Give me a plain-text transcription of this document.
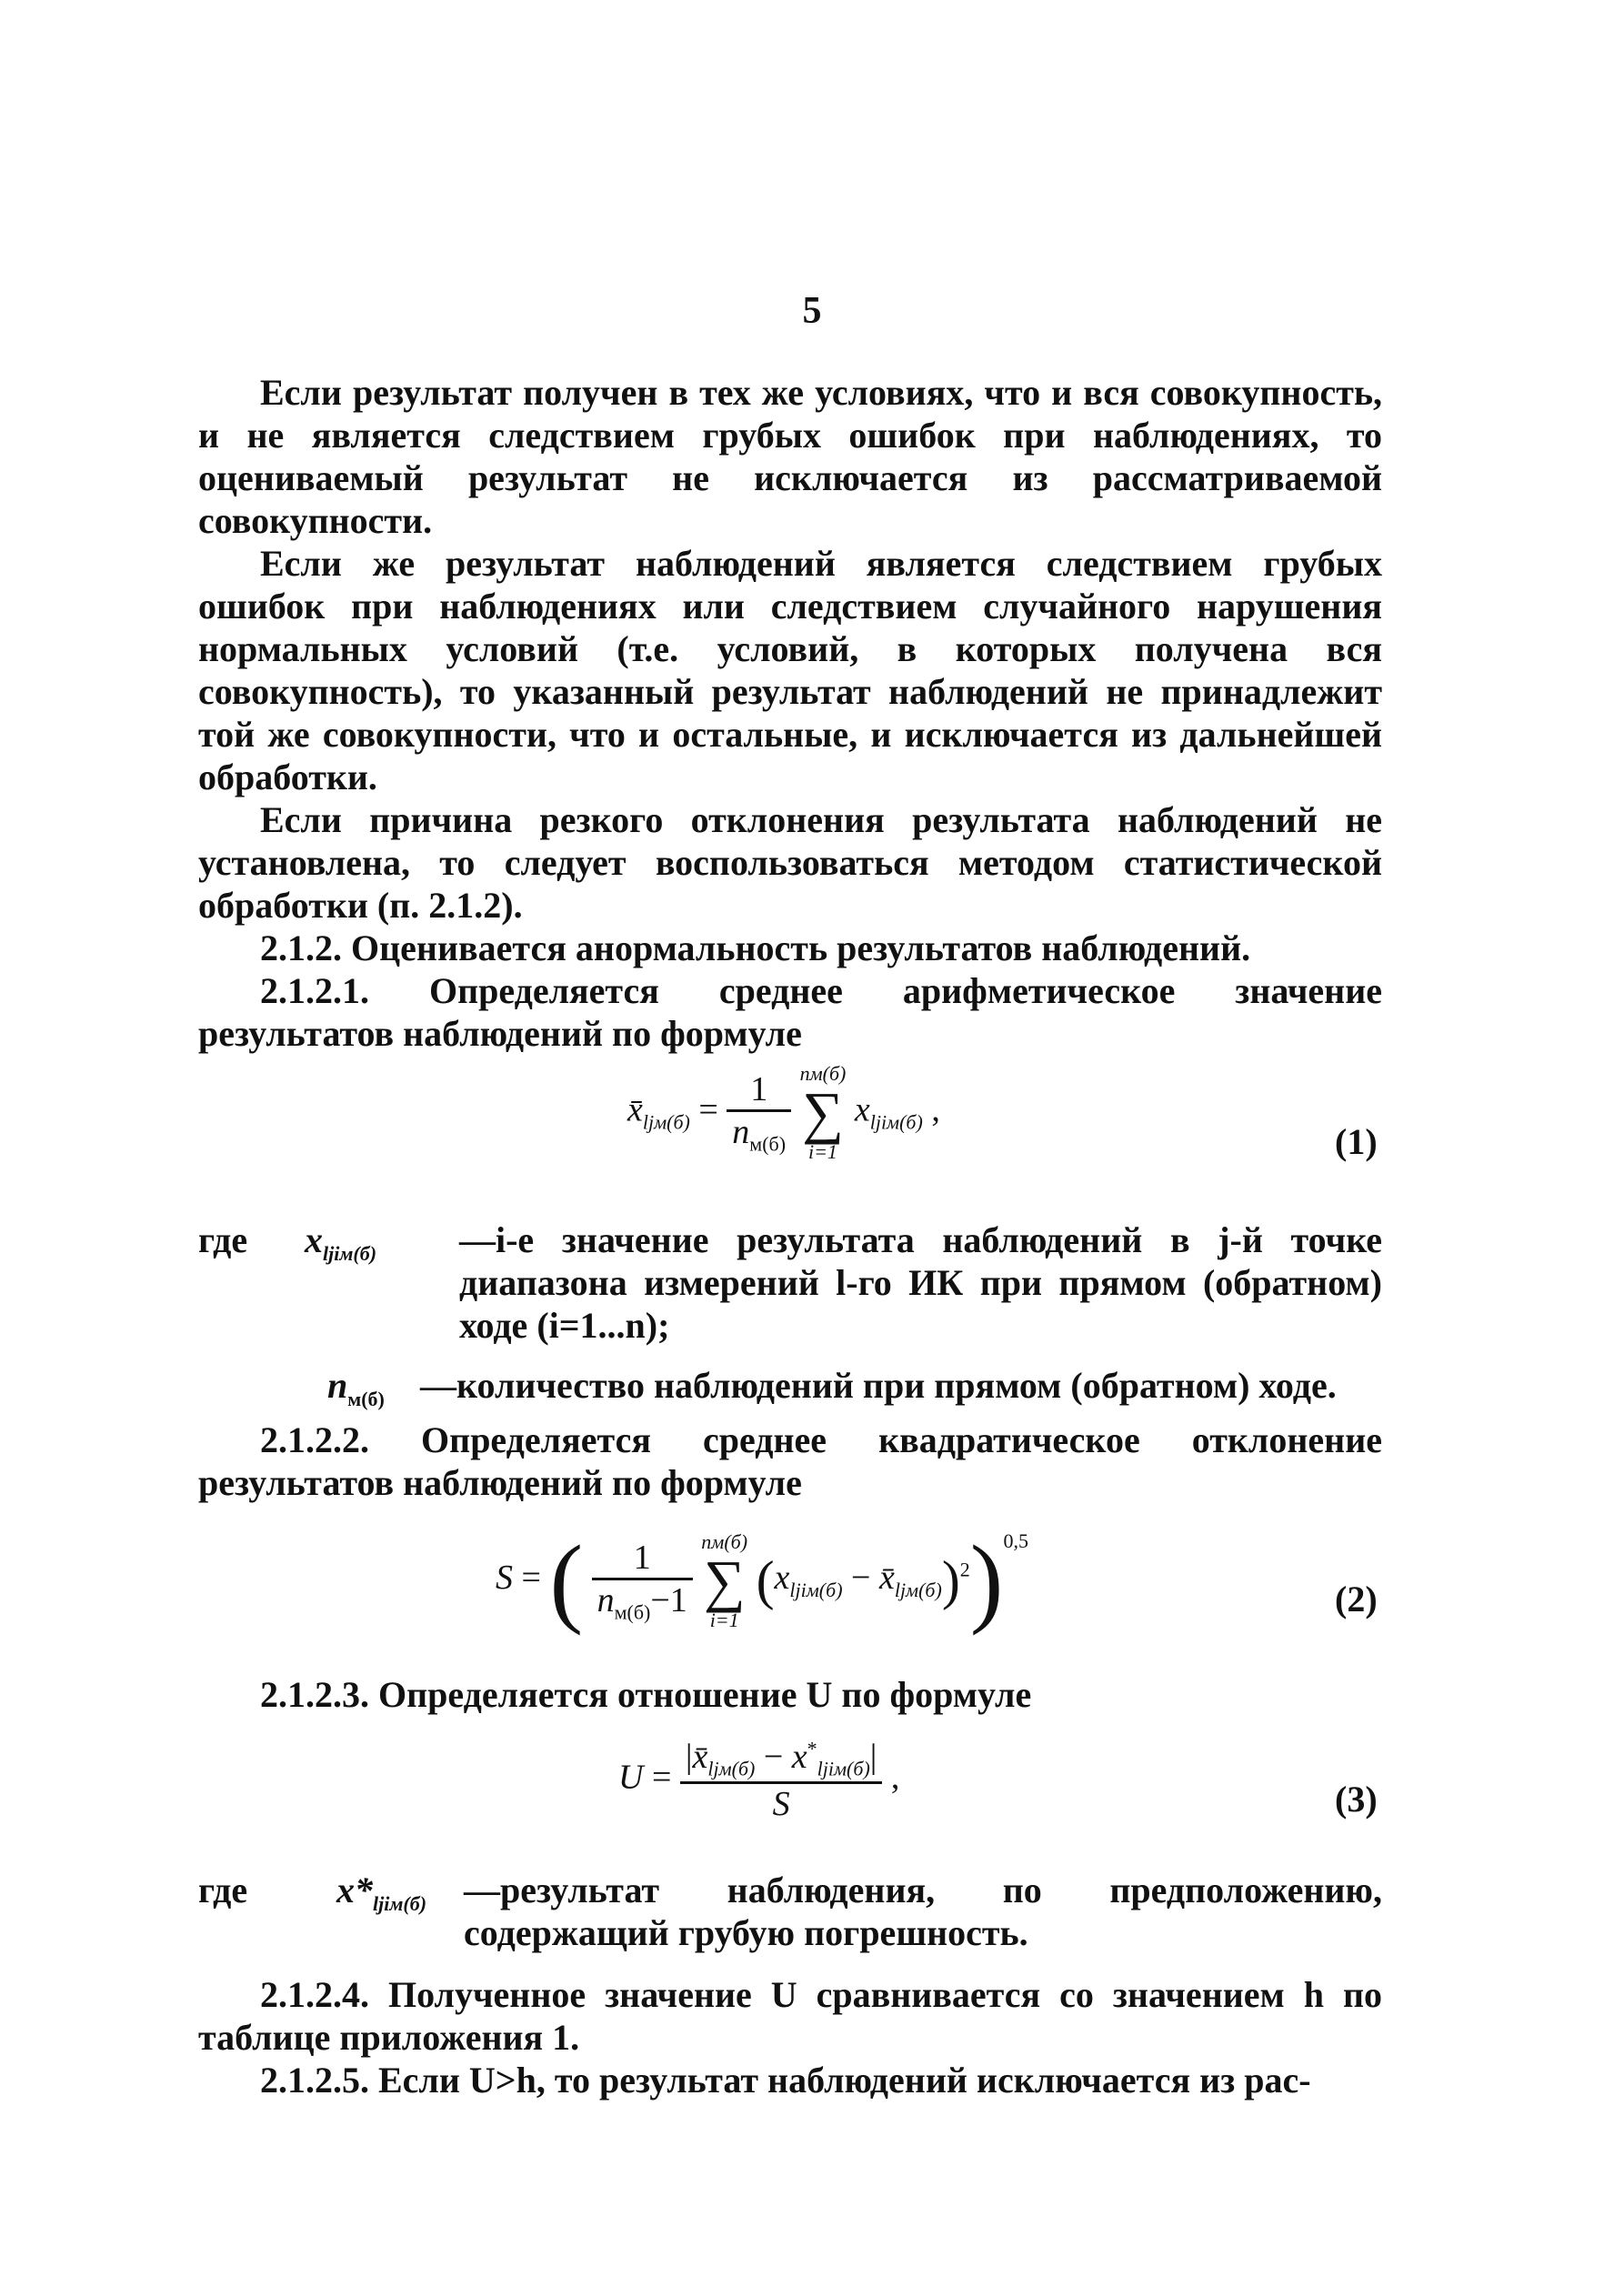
5

Если результат получен в тех же условиях, что и вся совокупность, и не является следствием грубых ошибок при наблюдениях, то оцениваемый результат не исключается из рассматриваемой совокупности.

Если же результат наблюдений является следствием грубых ошибок при наблюдениях или следствием случайного нарушения нормальных условий (т.е. условий, в которых получена вся совокупность), то указанный результат наблюдений не принадлежит той же совокупности, что и остальные, и исключается из дальнейшей обработки.

Если причина резкого отклонения результата наблюдений не установлена, то следует воспользоваться методом статистической обработки (п. 2.1.2).

2.1.2. Оценивается анормальность результатов наблюдений.

2.1.2.1. Определяется среднее арифметическое значение результатов наблюдений по формуле

$x̄_{ljм(б)} = \frac{1}{n_{м(б)}}$
nм(б)
∑
i=1
$x_{ljiм(б)}$ ,
(1)
где $x_{ljiм(б)}$ —i-е значение результата наблюдений в j-й точке диапазона измерений l-го ИК при прямом (обратном) ходе (i=1...n);
$n_{м(б)}$ —количество наблюдений при прямом (обратном) ходе.

2.1.2.2. Определяется среднее квадратическое отклонение результатов наблюдений по формуле

S = ( $\frac{1}{n_{м(б)}-1}$
nм(б)
∑
i=1
($x_{ljiм(б)}$ − $x̄_{ljм(б)})^2)^{0,5}$
(2)

2.1.2.3. Определяется отношение U по формуле

$U = \frac{|x̄_{ljм(б)} - x^*_{ljiм(б)}|}{S}$ ,
(3)
где $x*_{ljiм(б)}$ —результат наблюдения, по предположению, содержащий грубую погрешность.

2.1.2.4. Полученное значение U сравнивается со значением h по таблице приложения 1.

2.1.2.5. Если U>h, то результат наблюдений исключается из рас-
